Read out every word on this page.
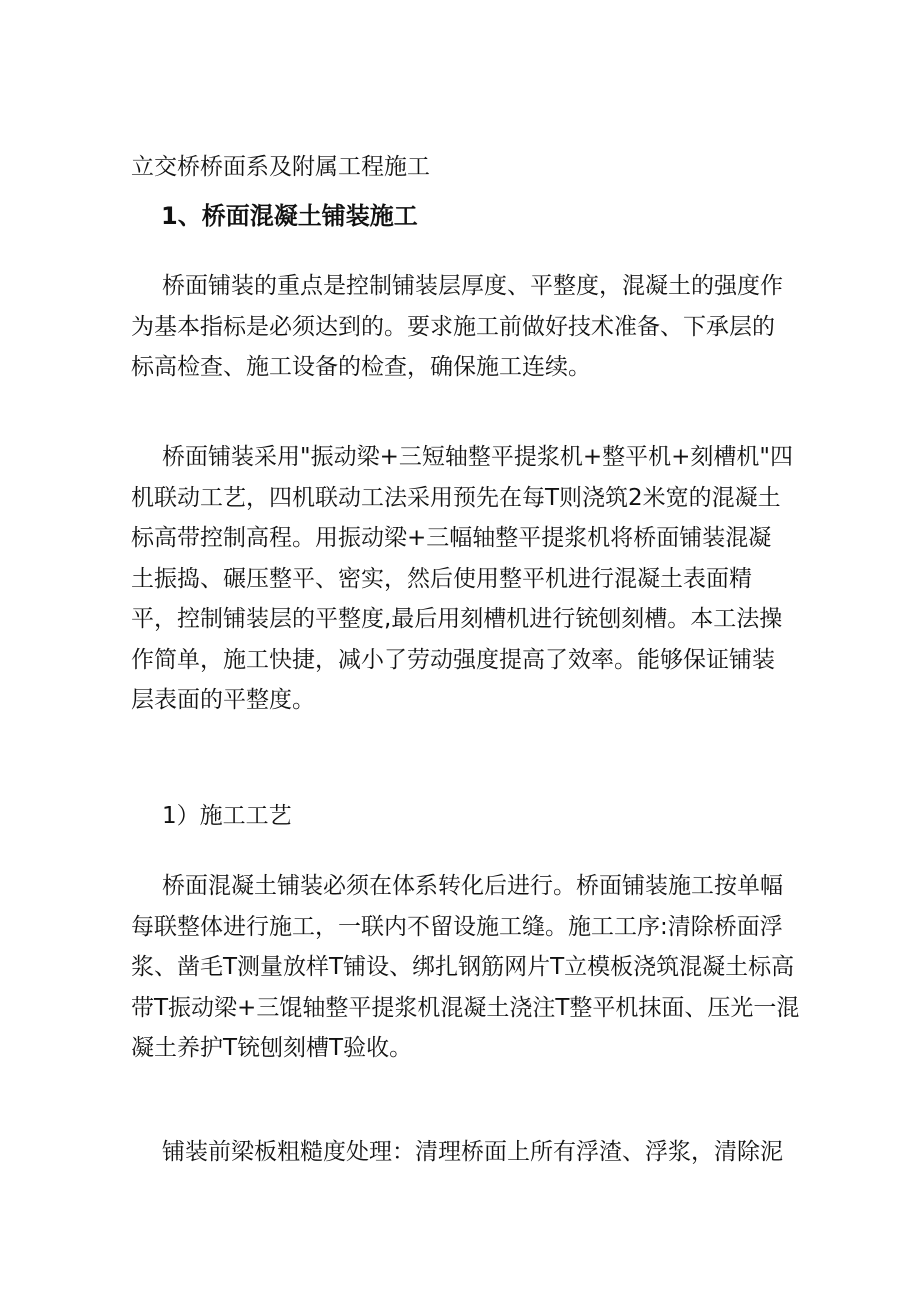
立交桥桥面系及附属工程施工
1、桥面混凝土铺装施工

桥面铺装的重点是控制铺装层厚度、平整度，混凝土的强度作
为基本指标是必须达到的。要求施工前做好技术准备、下承层的
标高检查、施工设备的检查，确保施工连续。

桥面铺装采用"振动梁+三短轴整平提浆机+整平机+刻槽机"四
机联动工艺，四机联动工法采用预先在每T则浇筑2米宽的混凝土
标高带控制高程。用振动梁+三幅轴整平提浆机将桥面铺装混凝
土振捣、碾压整平、密实，然后使用整平机进行混凝土表面精
平，控制铺装层的平整度,最后用刻槽机进行铳刨刻槽。本工法操
作简单，施工快捷，减小了劳动强度提高了效率。能够保证铺装
层表面的平整度。

1）施工工艺

桥面混凝土铺装必须在体系转化后进行。桥面铺装施工按单幅
每联整体进行施工，一联内不留设施工缝。施工工序:清除桥面浮
浆、凿毛T测量放样T铺设、绑扎钢筋网片T立模板浇筑混凝土标高
带T振动梁+三馄轴整平提浆机混凝土浇注T整平机抹面、压光一混
凝土养护T铳刨刻槽T验收。

铺装前梁板粗糙度处理：清理桥面上所有浮渣、浮浆，清除泥
